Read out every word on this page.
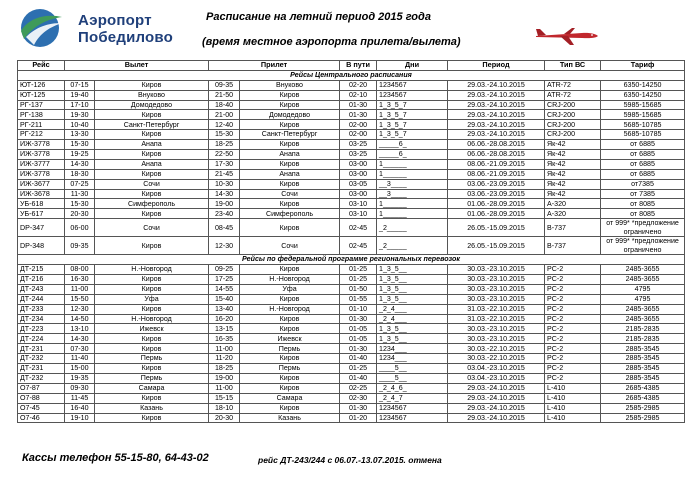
Аэропорт
Победилово
Расписание на летний период 2015 года
(время местное аэропорта прилета/вылета)
Рейс	Вылет		Прилет		В пути	Дни	Период	Тип ВС	Тариф
Рейсы Центрального расписания									
ЮТ-126	07-15	Киров	09-35	Внуково	02-20	1234567	29.03.-24.10.2015	ATR-72	6350-14250
ЮТ-125	19-40	Внуково	21-50	Киров	02-10	1234567	29.03.-24.10.2015	ATR-72	6350-14250
РГ-137	17-10	Домодедово	18-40	Киров	01-30	1_3_5_7	29.03.-24.10.2015	CRJ-200	5985-15685
РГ-138	19-30	Киров	21-00	Домодедово	01-30	1_3_5_7	29.03.-24.10.2015	CRJ-200	5985-15685
РГ-211	10-40	Санкт-Петербург	12-40	Киров	02-00	1_3_5_7	29.03.-24.10.2015	CRJ-200	5685-10785
РГ-212	13-30	Киров	15-30	Санкт-Петербург	02-00	1_3_5_7	29.03.-24.10.2015	CRJ-200	5685-10785
ИЖ-3778	15-30	Анапа	18-25	Киров	03-25	_____6_	06.06.-28.08.2015	Як-42	от 6885
ИЖ-3778	19-25	Киров	22-50	Анапа	03-25	_____6_	06.06.-28.08.2015	Як-42	от 6885
ИЖ-3777	14-30	Анапа	17-30	Киров	03-00	1______	08.06.-21.09.2015	Як-42	от 6885
ИЖ-3778	18-30	Киров	21-45	Анапа	03-00	1______	08.06.-21.09.2015	Як-42	от 6885
ИЖ-3677	07-25	Сочи	10-30	Киров	03-05	__3____	03.06.-23.09.2015	Як-42	от7385
ИЖ-3678	11-30	Киров	14-30	Сочи	03-00	__3____	03.06.-23.09.2015	Як-42	от 7385
УБ-618	15-30	Симферополь	19-00	Киров	03-10	1______	01.06.-28.09.2015	А-320	от 8085
УБ-617	20-30	Киров	23-40	Симферополь	03-10	1______	01.06.-28.09.2015	А-320	от 8085
DP-347	06-00	Сочи	08-45	Киров	02-45	_2_____	26.05.-15.09.2015	B-737	от 999* *предложение ограничено
DP-348	09-35	Киров	12-30	Сочи	02-45	_2_____	26.05.-15.09.2015	B-737	от 999* *предложение ограничено
Рейсы по федеральной программе региональных перевозок									
ДТ-215	08-00	Н.-Новгород	09-25	Киров	01-25	1_3_5__	30.03.-23.10.2015	PC-2	2485-3655
ДТ-216	16-30	Киров	17-25	Н.-Новгород	01-25	1_3_5__	30.03.-23.10.2015	PC-2	2485-3655
ДТ-243	11-00	Киров	14-55	Уфа	01-50	1_3_5__	30.03.-23.10.2015	PC-2	4795
ДТ-244	15-50	Уфа	15-40	Киров	01-55	1_3_5__	30.03.-23.10.2015	PC-2	4795
ДТ-233	12-30	Киров	13-40	Н.-Новгород	01-10	_2_4___	31.03.-22.10.2015	PC-2	2485-3655
ДТ-234	14-50	Н.-Новгород	16-20	Киров	01-30	_2_4___	31.03.-22.10.2015	PC-2	2485-3655
ДТ-223	13-10	Ижевск	13-15	Киров	01-05	1_3_5__	30.03.-23.10.2015	PC-2	2185-2835
ДТ-224	14-30	Киров	16-35	Ижевск	01-05	1_3_5__	30.03.-23.10.2015	PC-2	2185-2835
ДТ-231	07-30	Киров	11-00	Пермь	01-30	1234___	30.03.-22.10.2015	PC-2	2885-3545
ДТ-232	11-40	Пермь	11-20	Киров	01-40	1234___	30.03.-22.10.2015	PC-2	2885-3545
ДТ-231	15-00	Киров	18-25	Пермь	01-25	____5__	03.04.-23.10.2015	PC-2	2885-3545
ДТ-232	19-35	Пермь	19-00	Киров	01-40	____5__	03.04.-23.10.2015	PC-2	2885-3545
О7-87	09-30	Самара	11-00	Киров	02-25	_2_4_6_	29.03.-24.10.2015	L-410	2685-4385
О7-88	11-45	Киров	15-15	Самара	02-30	_2_4_7	29.03.-24.10.2015	L-410	2685-4385
О7-45	16-40	Казань	18-10	Киров	01-30	1234567	29.03.-24.10.2015	L-410	2585-2985
О7-46	19-10	Киров	20-30	Казань	01-20	1234567	29.03.-24.10.2015	L-410	2585-2985
Кассы телефон 55-15-80, 64-43-02	рейс ДТ-243/244 с 06.07.-13.07.2015. отмена
